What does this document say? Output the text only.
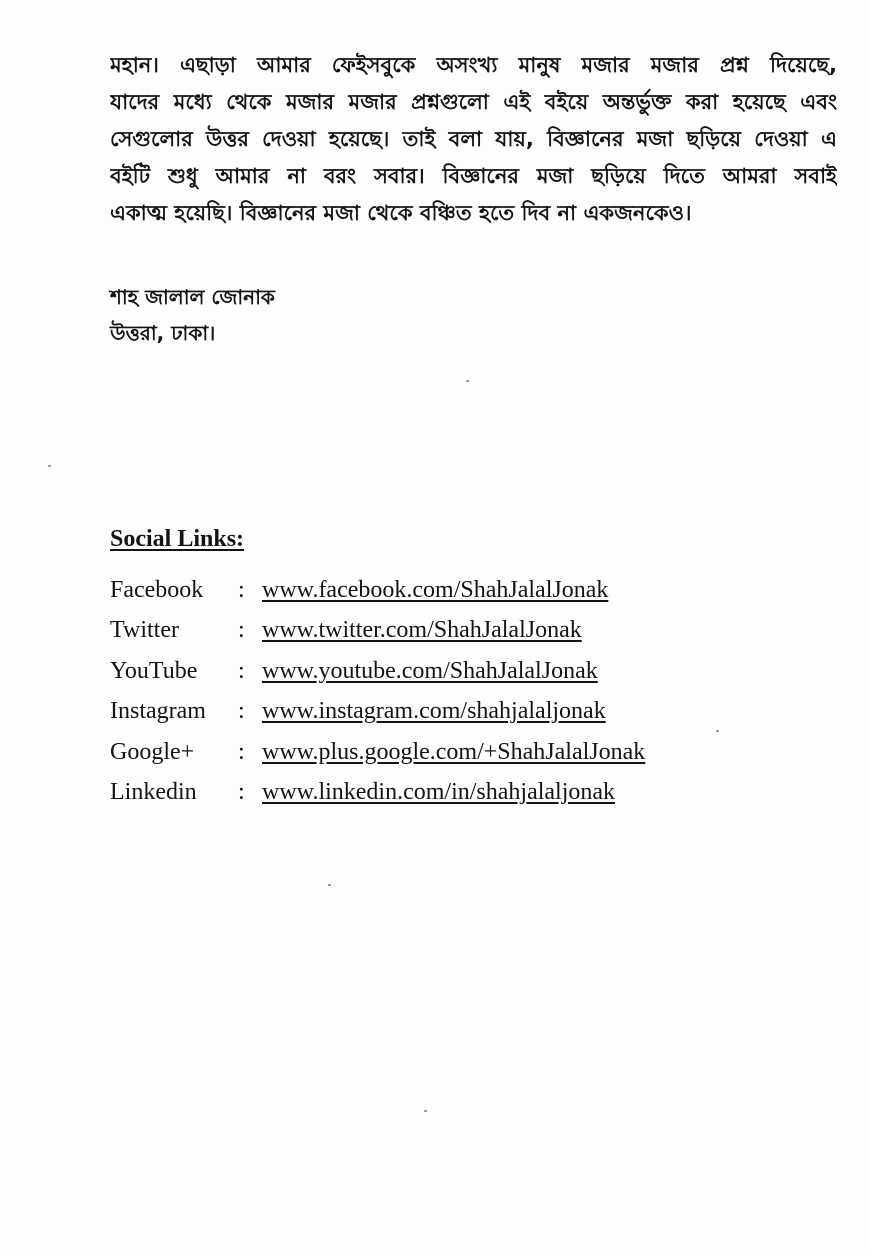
মহান। এছাড়া আমার ফেইসবুকে অসংখ্য মানুষ মজার মজার প্রশ্ন দিয়েছে,
যাদের মধ্যে থেকে মজার মজার প্রশ্নগুলো এই বইয়ে অন্তর্ভুক্ত করা হয়েছে এবং
সেগুলোর উত্তর দেওয়া হয়েছে। তাই বলা যায়, বিজ্ঞানের মজা ছড়িয়ে দেওয়া এ
বইটি শুধু আমার না বরং সবার। বিজ্ঞানের মজা ছড়িয়ে দিতে আমরা সবাই
একাত্ম হয়েছি। বিজ্ঞানের মজা থেকে বঞ্চিত হতে দিব না একজনকেও।
শাহ জালাল জোনাক
উত্তরা, ঢাকা।
Social Links:
Facebook	: www.facebook.com/ShahJalalJonak
Twitter	: www.twitter.com/ShahJalalJonak
YouTube	: www.youtube.com/ShahJalalJonak
Instagram	: www.instagram.com/shahjalaljonak
Google+	: www.plus.google.com/+ShahJalalJonak
Linkedin	: www.linkedin.com/in/shahjalaljonak
